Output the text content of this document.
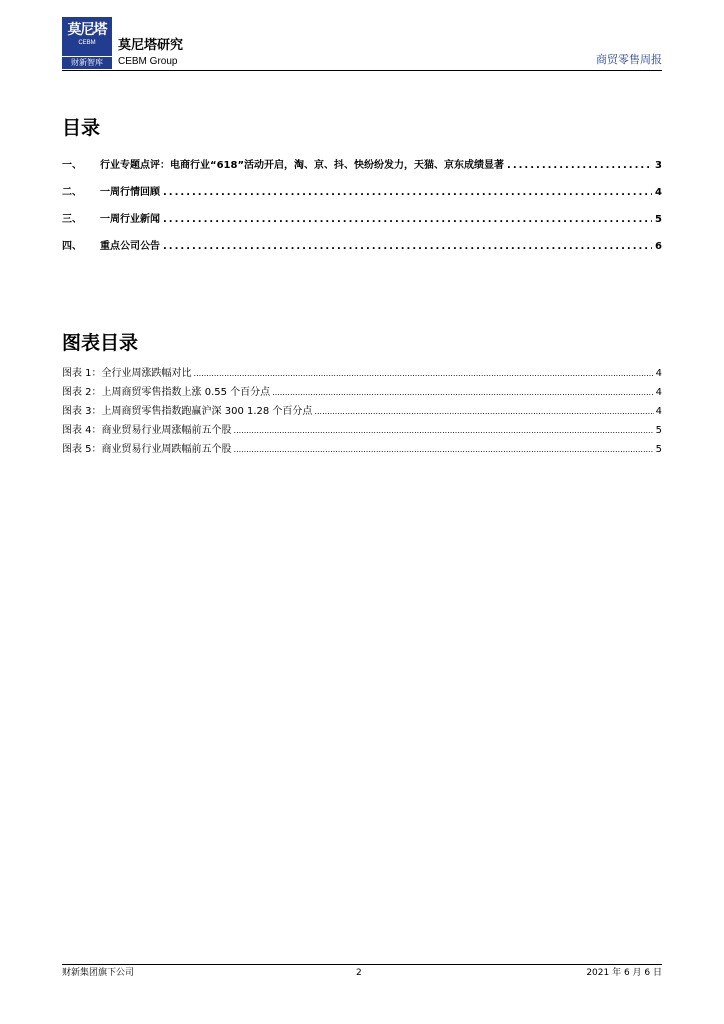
莫尼塔
CEBM
财新智库
莫尼塔研究
CEBM Group	商贸零售周报
目录
一、	行业专题点评：电商行业“618”活动开启，淘、京、抖、快纷纷发力，天猫、京东成绩显著 .....	3
二、	一周行情回顾 .....	4
三、	一周行业新闻 .....	5
四、	重点公司公告 .....	6
图表目录
图表 1：全行业周涨跌幅对比 .....	4
图表 2：上周商贸零售指数上涨 0.55 个百分点 .....	4
图表 3：上周商贸零售指数跑赢沪深 300 1.28 个百分点 .....	4
图表 4：商业贸易行业周涨幅前五个股 .....	5
图表 5：商业贸易行业周跌幅前五个股 .....	5
财新集团旗下公司	2	2021 年 6 月 6 日
